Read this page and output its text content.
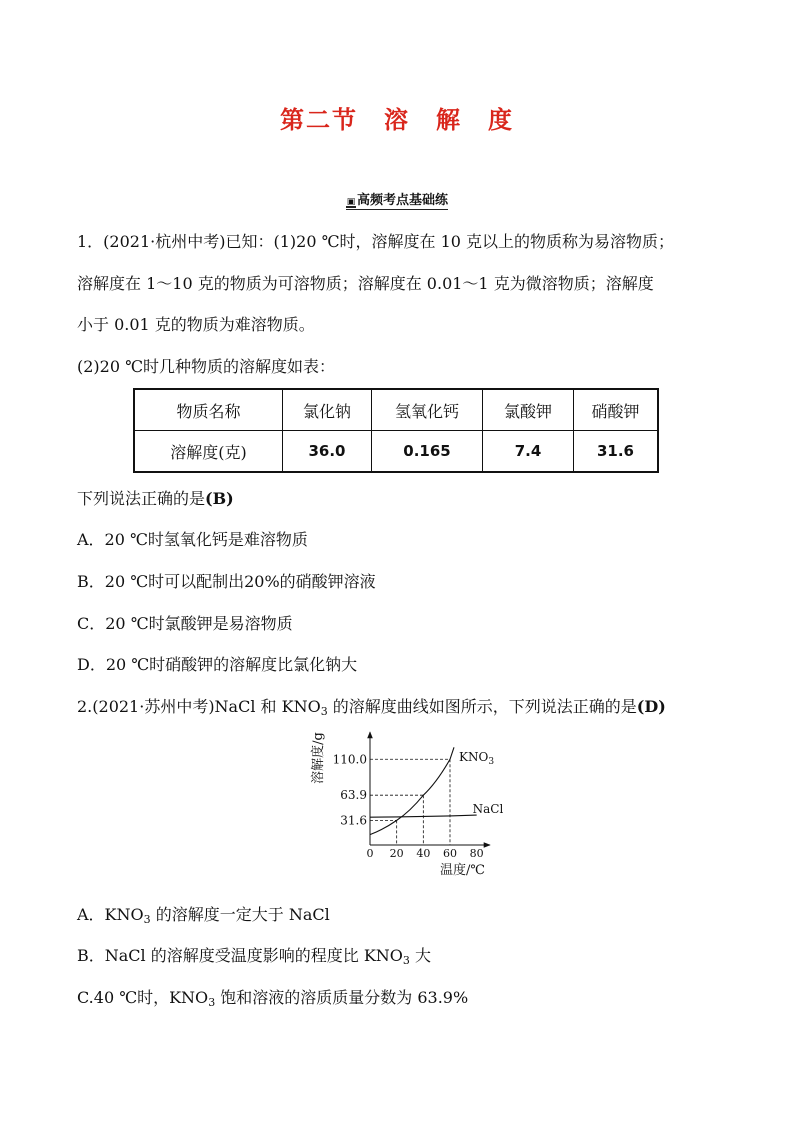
第二节　溶　解　度
▣ 高频考点基础练
1．(2021·杭州中考)已知：(1)20 ℃时，溶解度在 10 克以上的物质称为易溶物质；
溶解度在 1～10 克的物质为可溶物质；溶解度在 0.01～1 克为微溶物质；溶解度
小于 0.01 克的物质为难溶物质。
(2)20 ℃时几种物质的溶解度如表：
物质名称	氯化钠	氢氧化钙	氯酸钾	硝酸钾
溶解度(克)	36.0	0.165	7.4	31.6
下列说法正确的是(B)
A．20 ℃时氢氧化钙是难溶物质
B．20 ℃时可以配制出20%的硝酸钾溶液
C．20 ℃时氯酸钾是易溶物质
D．20 ℃时硝酸钾的溶解度比氯化钠大
2.(2021·苏州中考)NaCl 和 $KNO_3$ 的溶解度曲线如图所示，下列说法正确的是(D)
溶解度/g
温度/℃
31.6
63.9
110.0
0 20 40 60 80
$KNO_3$
NaCl
A．$KNO_3$ 的溶解度一定大于 NaCl
B．NaCl 的溶解度受温度影响的程度比 $KNO_3$ 大
C.40 ℃时，$KNO_3$ 饱和溶液的溶质质量分数为 63.9%
